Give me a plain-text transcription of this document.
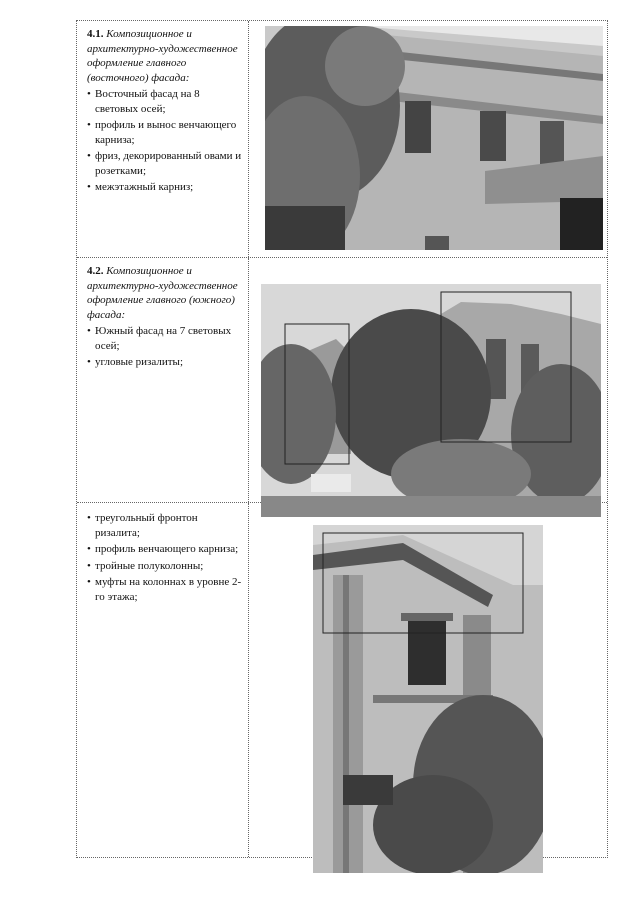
4.1. Композиционное и архитектурно-художественное оформление главного (восточного) фасада:

• Восточный фасад на 8 световых осей;
• профиль и вынос венчающего карниза;
• фриз, декорированный овами и розетками;
• межэтажный карниз;

4.2. Композиционное и архитектурно-художественное оформление главного (южного) фасада:

• Южный фасад на 7 световых осей;
• угловые ризалиты;
• треугольный фронтон ризалита;
• профиль венчающего карниза;
• тройные полуколонны;
• муфты на колоннах в уровне 2-го этажа;
